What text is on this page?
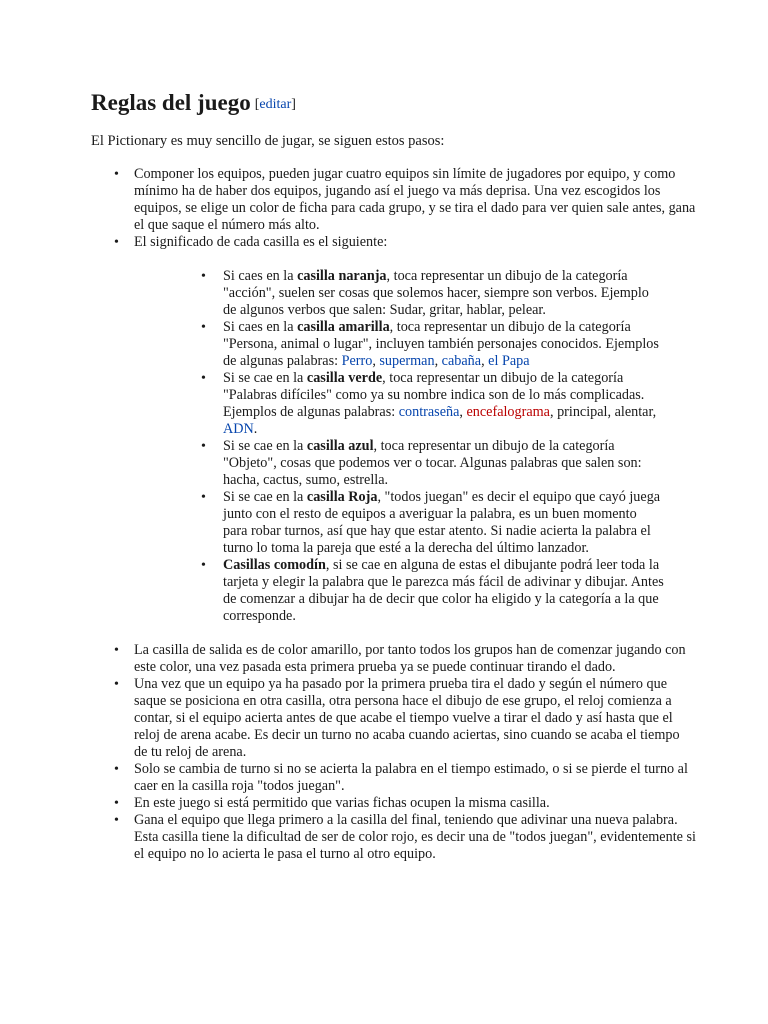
Reglas del juego [editar]

El Pictionary es muy sencillo de jugar, se siguen estos pasos:

• Componer los equipos, pueden jugar cuatro equipos sin límite de jugadores por equipo, y como mínimo ha de haber dos equipos, jugando así el juego va más deprisa. Una vez escogidos los equipos, se elige un color de ficha para cada grupo, y se tira el dado para ver quien sale antes, gana el que saque el número más alto.
• El significado de cada casilla es el siguiente:
• Si caes en la casilla naranja, toca representar un dibujo de la categoría "acción", suelen ser cosas que solemos hacer, siempre son verbos. Ejemplo de algunos verbos que salen: Sudar, gritar, hablar, pelear.
• Si caes en la casilla amarilla, toca representar un dibujo de la categoría "Persona, animal o lugar", incluyen también personajes conocidos. Ejemplos de algunas palabras: Perro, superman, cabaña, el Papa
• Si se cae en la casilla verde, toca representar un dibujo de la categoría "Palabras difíciles" como ya su nombre indica son de lo más complicadas. Ejemplos de algunas palabras: contraseña, encefalograma, principal, alentar, ADN.
• Si se cae en la casilla azul, toca representar un dibujo de la categoría "Objeto", cosas que podemos ver o tocar. Algunas palabras que salen son: hacha, cactus, sumo, estrella.
• Si se cae en la casilla Roja, "todos juegan" es decir el equipo que cayó juega junto con el resto de equipos a averiguar la palabra, es un buen momento para robar turnos, así que hay que estar atento. Si nadie acierta la palabra el turno lo toma la pareja que esté a la derecha del último lanzador.
• Casillas comodín, si se cae en alguna de estas el dibujante podrá leer toda la tarjeta y elegir la palabra que le parezca más fácil de adivinar y dibujar. Antes de comenzar a dibujar ha de decir que color ha eligido y la categoría a la que corresponde.
• La casilla de salida es de color amarillo, por tanto todos los grupos han de comenzar jugando con este color, una vez pasada esta primera prueba ya se puede continuar tirando el dado.
• Una vez que un equipo ya ha pasado por la primera prueba tira el dado y según el número que saque se posiciona en otra casilla, otra persona hace el dibujo de ese grupo, el reloj comienza a contar, si el equipo acierta antes de que acabe el tiempo vuelve a tirar el dado y así hasta que el reloj de arena acabe. Es decir un turno no acaba cuando aciertas, sino cuando se acaba el tiempo de tu reloj de arena.
• Solo se cambia de turno si no se acierta la palabra en el tiempo estimado, o si se pierde el turno al caer en la casilla roja "todos juegan".
• En este juego si está permitido que varias fichas ocupen la misma casilla.
• Gana el equipo que llega primero a la casilla del final, teniendo que adivinar una nueva palabra. Esta casilla tiene la dificultad de ser de color rojo, es decir una de "todos juegan", evidentemente si el equipo no lo acierta le pasa el turno al otro equipo.
